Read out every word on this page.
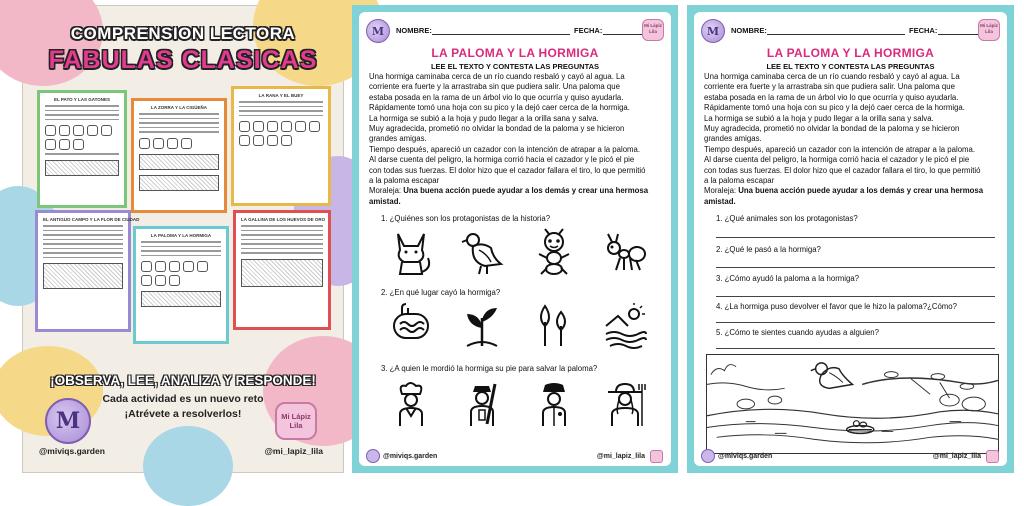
COMPRENSION LECTORA
FABULAS CLASICAS
EL PATO Y LAS GATONES
LA ZORRA Y LA CIGÜEÑA
LA RANA Y EL BUEY
EL ANTIGUO CAMPO Y LA FLOR DE CIUDAD
LA PALOMA Y LA HORMIGA
LA GALLINA DE LOS HUEVOS DE ORO
¡OBSERVA, LEE, ANALIZA Y RESPONDE!
Cada actividad es un nuevo reto
¡Atrévete a resolverlos!
M	Mi Lápiz Lila
@miviqs.garden	@mi_lapiz_lila
M	NOMBRE:	FECHA:
Mi Lápiz Lila
LA PALOMA Y LA HORMIGA
LEE EL TEXTO Y CONTESTA LAS PREGUNTAS
Una hormiga caminaba cerca de un río cuando resbaló y cayó al agua. La
corriente era fuerte y la arrastraba sin que pudiera salir. Una paloma que
estaba posada en la rama de un árbol vio lo que ocurría y quiso ayudarla.
Rápidamente tomó una hoja con su pico y la dejó caer cerca de la hormiga.
La hormiga se subió a la hoja y pudo llegar a la orilla sana y salva.
Muy agradecida, prometió no olvidar la bondad de la paloma y se hicieron
grandes amigas.
Tiempo después, apareció un cazador con la intención de atrapar a la paloma.
Al darse cuenta del peligro, la hormiga corrió hacia el cazador y le picó el pie
con todas sus fuerzas. El dolor hizo que el cazador fallara el tiro, lo que permitió
a la paloma escapar
Moraleja: Una buena acción puede ayudar a los demás y crear una hermosa
amistad.
1. ¿Quiénes son los protagonistas de la historia?
2. ¿En qué lugar cayó la hormiga?
3. ¿A quien le mordió la hormiga su pie para salvar la paloma?
@miviqs.garden	@mi_lapiz_lila
M	NOMBRE:	FECHA:
Mi Lápiz Lila
LA PALOMA Y LA HORMIGA
LEE EL TEXTO Y CONTESTA LAS PREGUNTAS
Una hormiga caminaba cerca de un río cuando resbaló y cayó al agua. La
corriente era fuerte y la arrastraba sin que pudiera salir. Una paloma que
estaba posada en la rama de un árbol vio lo que ocurría y quiso ayudarla.
Rápidamente tomó una hoja con su pico y la dejó caer cerca de la hormiga.
La hormiga se subió a la hoja y pudo llegar a la orilla sana y salva.
Muy agradecida, prometió no olvidar la bondad de la paloma y se hicieron
grandes amigas.
Tiempo después, apareció un cazador con la intención de atrapar a la paloma.
Al darse cuenta del peligro, la hormiga corrió hacia el cazador y le picó el pie
con todas sus fuerzas. El dolor hizo que el cazador fallara el tiro, lo que permitió
a la paloma escapar
Moraleja: Una buena acción puede ayudar a los demás y crear una hermosa
amistad.
1. ¿Qué animales son los protagonistas?
2. ¿Qué le pasó a la hormiga?
3. ¿Cómo ayudó la paloma a la hormiga?
4. ¿La hormiga puso devolver el favor que le hizo la paloma?¿Cómo?
5. ¿Cómo te sientes cuando ayudas a alguien?
@miviqs.garden	@mi_lapiz_lila
